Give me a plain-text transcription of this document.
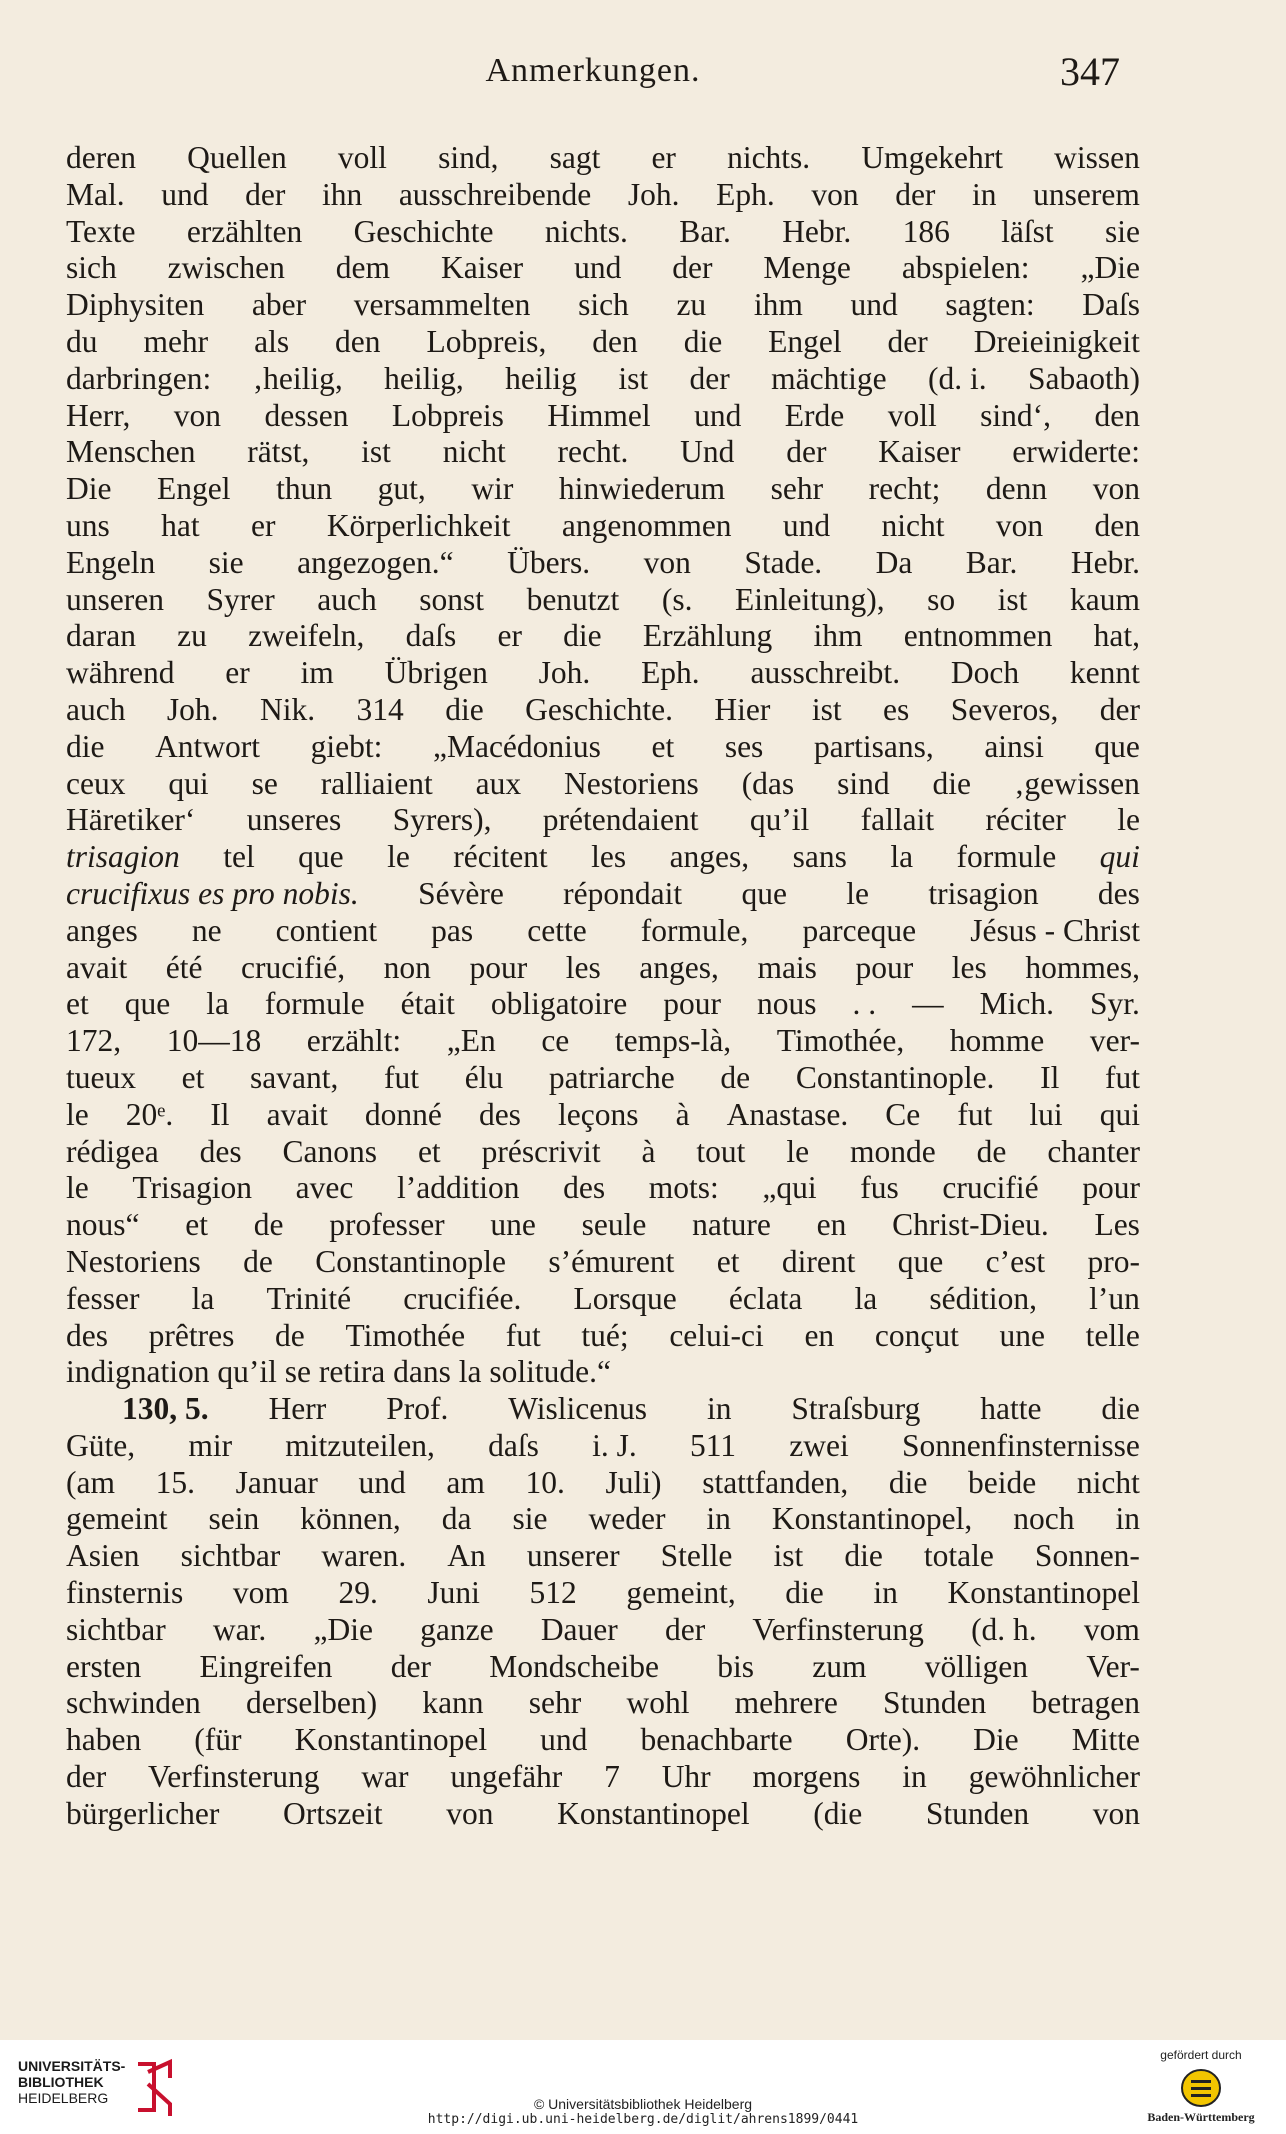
Anmerkungen.	347
deren Quellen voll sind, sagt er nichts. Umgekehrt wissen
Mal. und der ihn ausschreibende Joh. Eph. von der in unserem
Texte erzählten Geschichte nichts. Bar. Hebr. 186 läſst sie
sich zwischen dem Kaiser und der Menge abspielen: „Die
Diphysiten aber versammelten sich zu ihm und sagten: Daſs
du mehr als den Lobpreis, den die Engel der Dreieinigkeit
darbringen: ‚heilig, heilig, heilig ist der mächtige (d. i. Sabaoth)
Herr, von dessen Lobpreis Himmel und Erde voll sind‘, den
Menschen rätst, ist nicht recht. Und der Kaiser erwiderte:
Die Engel thun gut, wir hinwiederum sehr recht; denn von
uns hat er Körperlichkeit angenommen und nicht von den
Engeln sie angezogen.“ Übers. von Stade. Da Bar. Hebr.
unseren Syrer auch sonst benutzt (s. Einleitung), so ist kaum
daran zu zweifeln, daſs er die Erzählung ihm entnommen hat,
während er im Übrigen Joh. Eph. ausschreibt. Doch kennt
auch Joh. Nik. 314 die Geschichte. Hier ist es Severos, der
die Antwort giebt: „Macédonius et ses partisans, ainsi que
ceux qui se ralliaient aux Nestoriens (das sind die ‚gewissen
Häretiker‘ unseres Syrers), prétendaient qu’il fallait réciter le
trisagion tel que le récitent les anges, sans la formule qui
crucifixus es pro nobis. Sévère répondait que le trisagion des
anges ne contient pas cette formule, parceque Jésus - Christ
avait été crucifié, non pour les anges, mais pour les hommes,
et que la formule était obligatoire pour nous . . — Mich. Syr.
172, 10—18 erzählt: „En ce temps-là, Timothée, homme ver-
tueux et savant, fut élu patriarche de Constantinople. Il fut
le 20ᵉ. Il avait donné des leçons à Anastase. Ce fut lui qui
rédigea des Canons et préscrivit à tout le monde de chanter
le Trisagion avec l’addition des mots: „qui fus crucifié pour
nous“ et de professer une seule nature en Christ-Dieu. Les
Nestoriens de Constantinople s’émurent et dirent que c’est pro-
fesser la Trinité crucifiée. Lorsque éclata la sédition, l’un
des prêtres de Timothée fut tué; celui-ci en conçut une telle
indignation qu’il se retira dans la solitude.“
130, 5. Herr Prof. Wislicenus in Straſsburg hatte die
Güte, mir mitzuteilen, daſs i. J. 511 zwei Sonnenfinsternisse
(am 15. Januar und am 10. Juli) stattfanden, die beide nicht
gemeint sein können, da sie weder in Konstantinopel, noch in
Asien sichtbar waren. An unserer Stelle ist die totale Sonnen-
finsternis vom 29. Juni 512 gemeint, die in Konstantinopel
sichtbar war. „Die ganze Dauer der Verfinsterung (d. h. vom
ersten Eingreifen der Mondscheibe bis zum völligen Ver-
schwinden derselben) kann sehr wohl mehrere Stunden betragen
haben (für Konstantinopel und benachbarte Orte). Die Mitte
der Verfinsterung war ungefähr 7 Uhr morgens in gewöhnlicher
bürgerlicher Ortszeit von Konstantinopel (die Stunden von
UNIVERSITÄTS-
BIBLIOTHEK
HEIDELBERG	© Universitätsbibliothek Heidelberg
http://digi.ub.uni-heidelberg.de/diglit/ahrens1899/0441
gefördert durch
Baden-Württemberg
